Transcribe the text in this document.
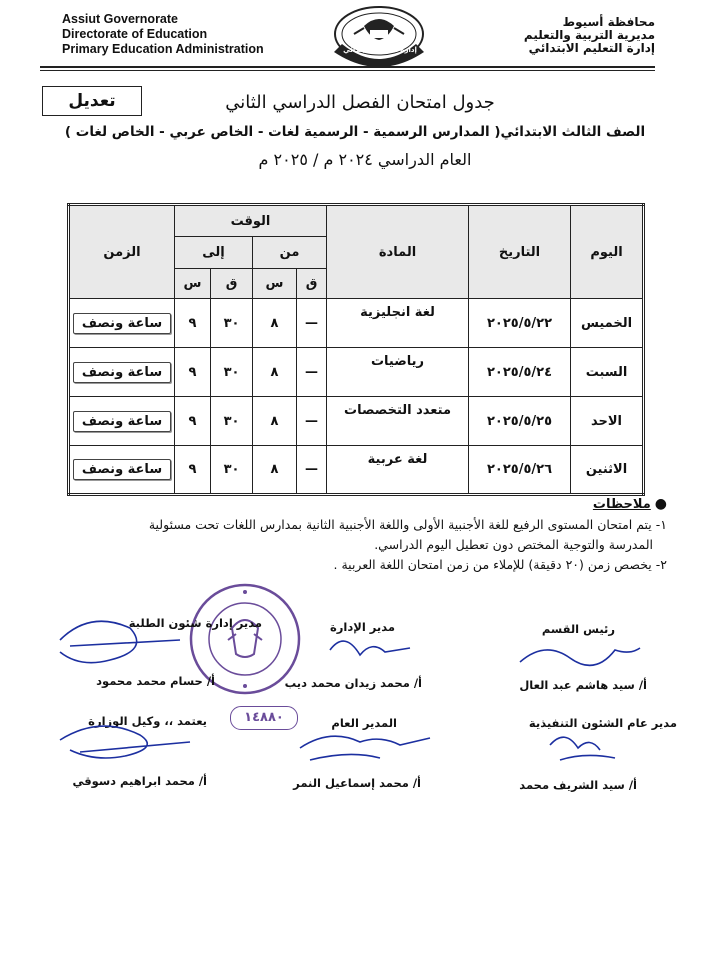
Assiut Governorate
Directorate of Education
Primary Education Administration	إدارة التعليم الابتدائي
محافظة أسيوط
مديرية التربية والتعليم
إدارة التعليم الابتدائي
تعديل	جدول امتحان الفصل الدراسي الثاني
الصف الثالث الابتدائي( المدارس الرسمية - الرسمية لغات - الخاص عربي - الخاص لغات )
العام الدراسي ٢٠٢٤ م / ٢٠٢٥ م
الزمن	الوقت				المادة	التاريخ	اليوم
	إلى		من				
	س	ق	س	ق			
ساعة ونصف	٩	٣٠	٨	—	لغة انجليزية	٢٠٢٥/٥/٢٢	الخميس
ساعة ونصف	٩	٣٠	٨	—	رياضيات	٢٠٢٥/٥/٢٤	السبت
ساعة ونصف	٩	٣٠	٨	—	متعدد التخصصات	٢٠٢٥/٥/٢٥	الاحد
ساعة ونصف	٩	٣٠	٨	—	لغة عربية	٢٠٢٥/٥/٢٦	الاثنين
● ملاحظات
١- يتم امتحان المستوى الرفيع للغة الأجنبية الأولى واللغة الأجنبية الثانية بمدارس اللغات تحت مسئولية
المدرسة والتوجية المختص دون تعطيل اليوم الدراسي.
٢- يخصص زمن (٢٠ دقيقة) للإملاء من زمن امتحان اللغة العربية .
١٤٨٨٠
رئيس القسم
مدير الإدارة
مدير إدارة شئون الطلبة
أ/ سيد هاشم عبد العال
أ/ محمد زيدان محمد ديب
أ/ حسام محمد محمود
مدير عام الشئون التنفيذية
المدير العام
يعتمد ،، وكيل الوزارة
أ/ سيد الشريف محمد
أ/ محمد إسماعيل النمر
أ/ محمد ابراهيم دسوقي
